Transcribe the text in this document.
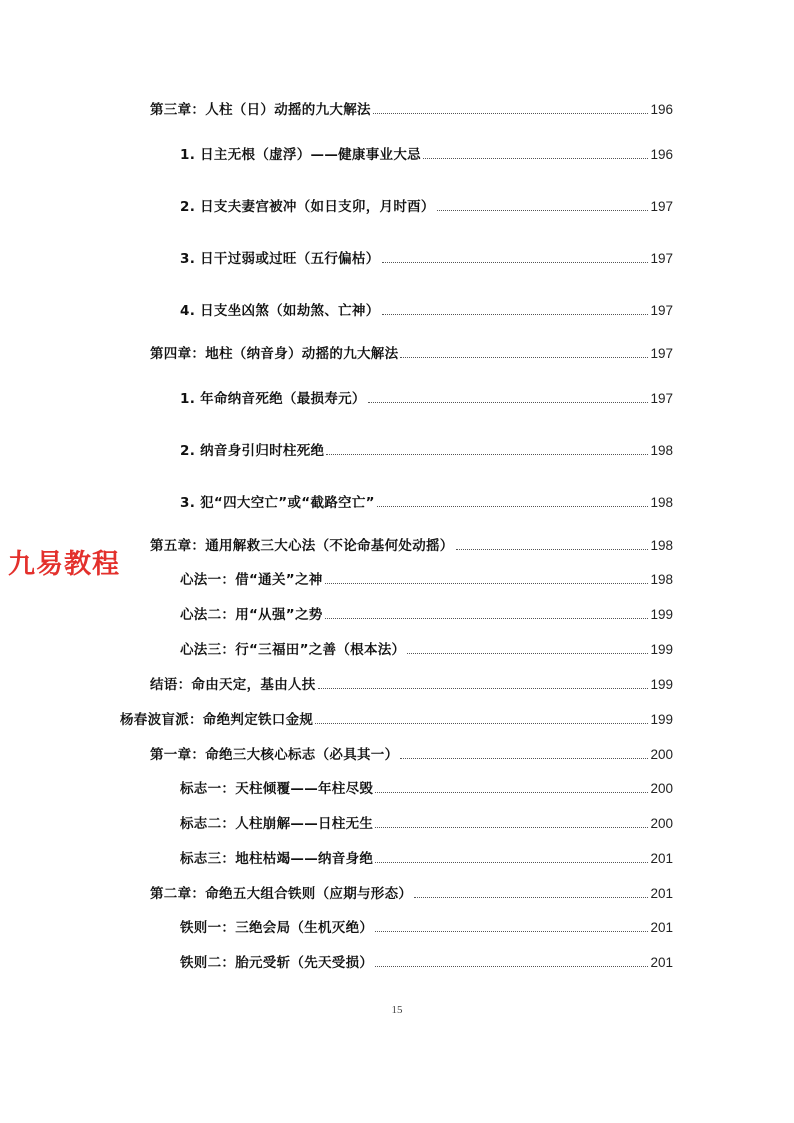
九易教程
第三章：人柱（日）动摇的九大解法	196
1. 日主无根（虚浮）——健康事业大忌	196
2. 日支夫妻宫被冲（如日支卯，月时酉）	197
3. 日干过弱或过旺（五行偏枯）	197
4. 日支坐凶煞（如劫煞、亡神）	197
第四章：地柱（纳音身）动摇的九大解法	197
1. 年命纳音死绝（最损寿元）	197
2. 纳音身引归时柱死绝	198
3. 犯“四大空亡”或“截路空亡”	198
第五章：通用解救三大心法（不论命基何处动摇）	198
心法一：借“通关”之神	198
心法二：用“从强”之势	199
心法三：行“三福田”之善（根本法）	199
结语：命由天定，基由人扶	199
杨春波盲派：命绝判定铁口金规	199
第一章：命绝三大核心标志（必具其一）	200
标志一：天柱倾覆——年柱尽毁	200
标志二：人柱崩解——日柱无生	200
标志三：地柱枯竭——纳音身绝	201
第二章：命绝五大组合铁则（应期与形态）	201
铁则一：三绝会局（生机灭绝）	201
铁则二：胎元受斩（先天受损）	201
15
